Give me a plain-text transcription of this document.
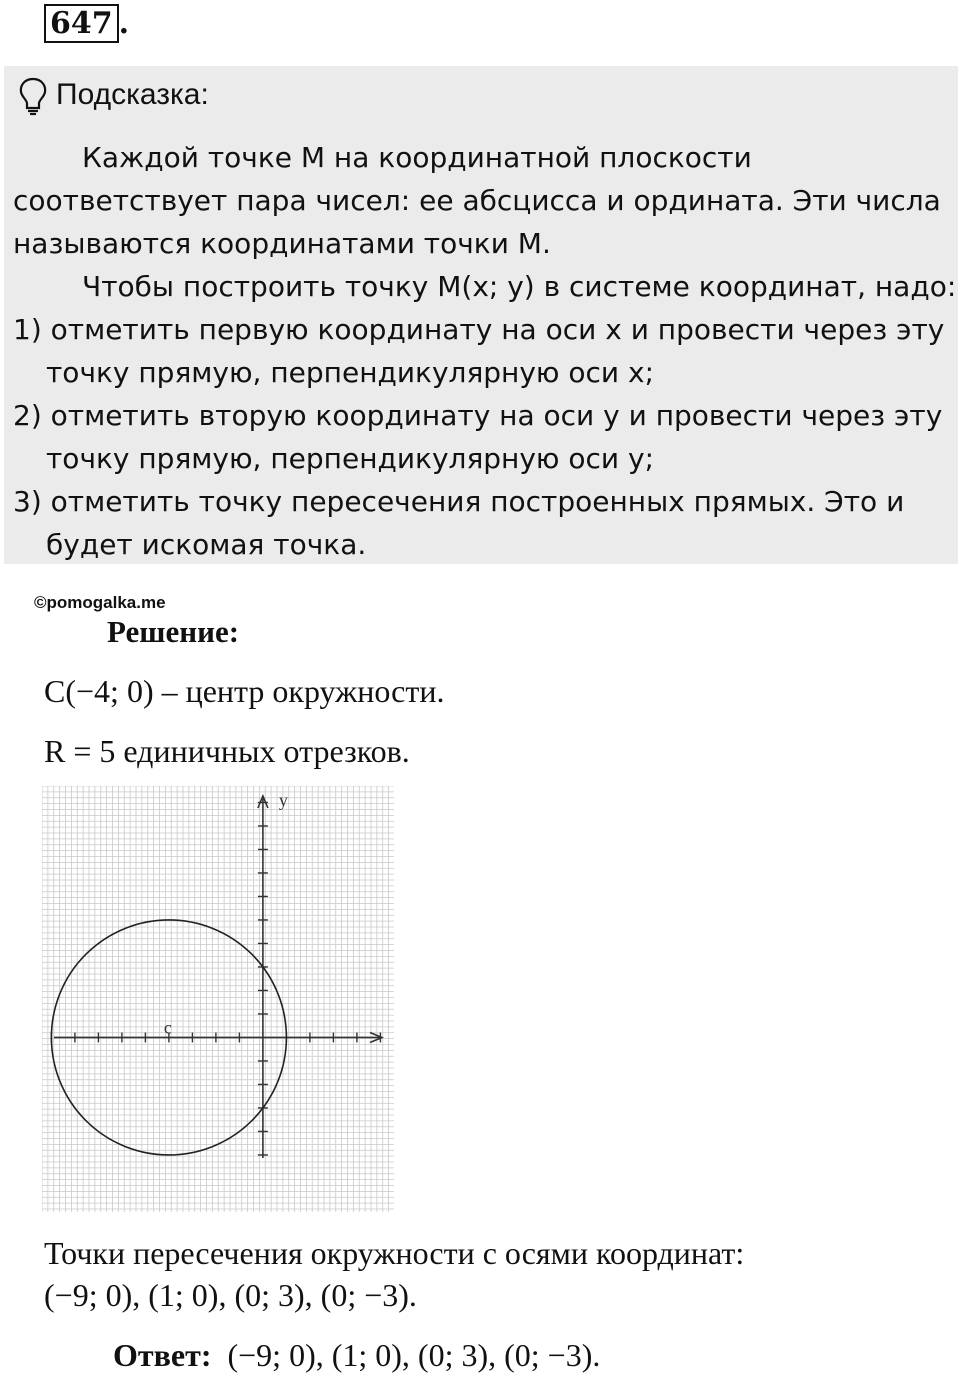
647 .
Подсказка:
Каждой точке М на координатной плоскости
соответствует пара чисел: ее абсцисса и ордината. Эти числа
называются координатами точки М.
Чтобы построить точку М(x; y) в системе координат, надо:
1) отметить первую координату на оси x и провести через эту
точку прямую, перпендикулярную оси x;
2) отметить вторую координату на оси y и провести через эту
точку прямую, перпендикулярную оси y;
3) отметить точку пересечения построенных прямых. Это и
будет искомая точка.
©pomogalka.me
Решение:
C(−4; 0) – центр окружности.
R = 5 единичных отрезков.
y
c
Точки пересечения окружности с осями координат:
(−9; 0), (1; 0), (0; 3), (0; −3).
Ответ: (−9; 0), (1; 0), (0; 3), (0; −3).
